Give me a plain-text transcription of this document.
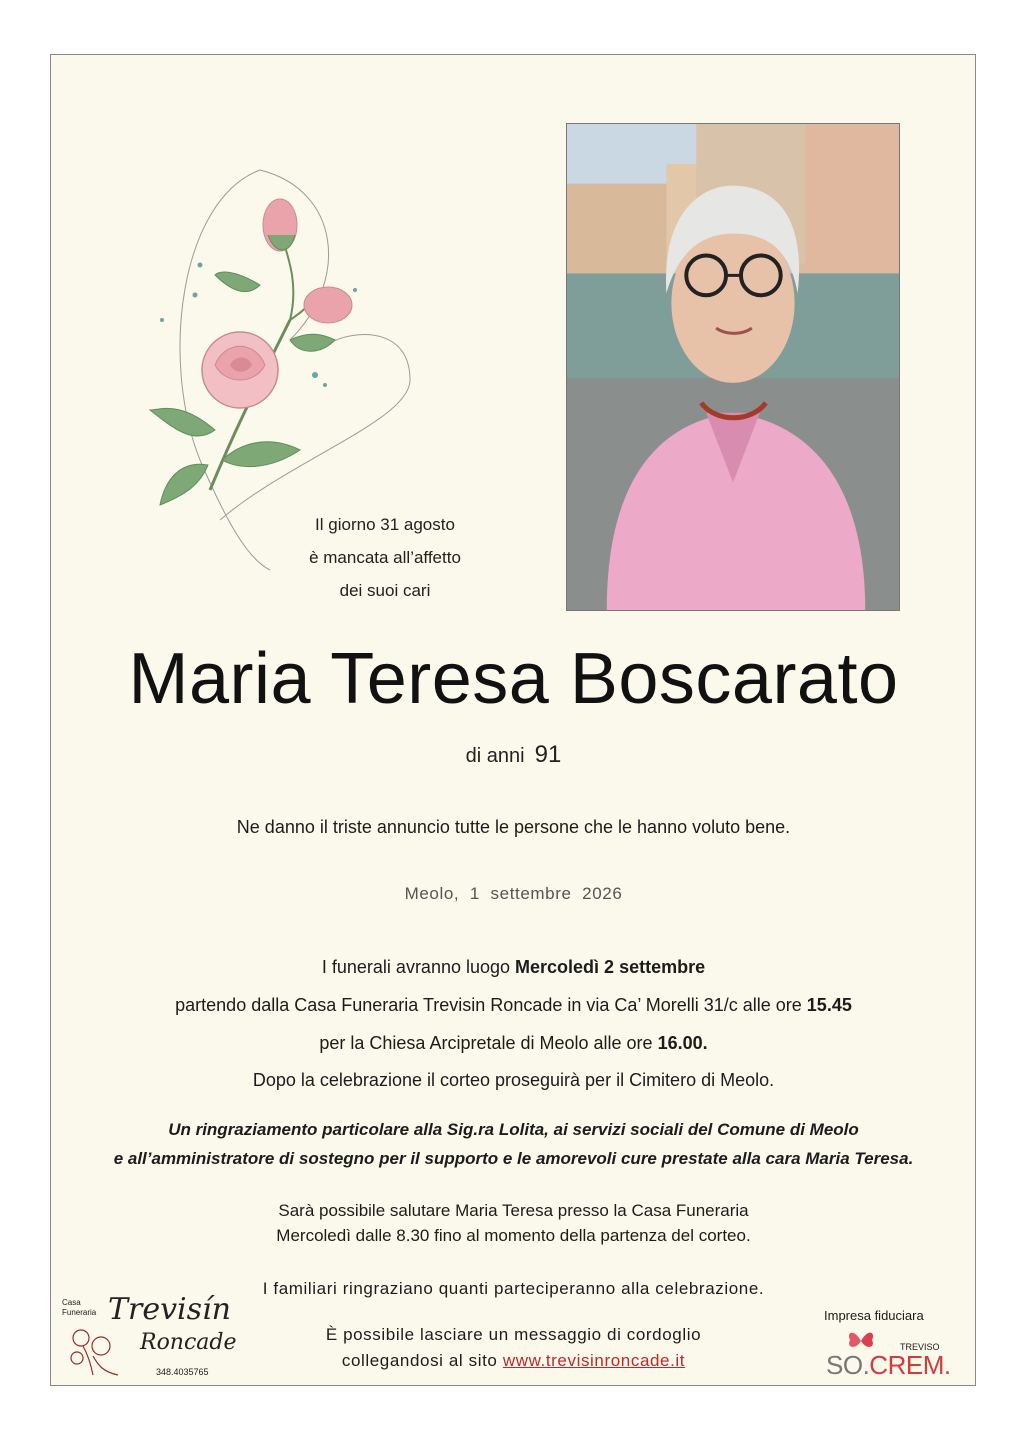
Il giorno 31 agosto
è mancata all’affetto
dei suoi cari
Maria Teresa Boscarato
di anni 91
Ne danno il triste annuncio tutte le persone che le hanno voluto bene.
Meolo,  1  settembre  2026
I funerali avranno luogo Mercoledì 2 settembre
partendo dalla Casa Funeraria Trevisin Roncade in via Ca’ Morelli 31/c alle ore 15.45
per la Chiesa Arcipretale di Meolo alle ore 16.00.
Dopo la celebrazione il corteo proseguirà per il Cimitero di Meolo.
Un ringraziamento particolare alla Sig.ra Lolita, ai servizi sociali del Comune di Meolo
e all’amministratore di sostegno per il supporto e le amorevoli cure prestate alla cara Maria Teresa.
Sarà possibile salutare Maria Teresa presso la Casa Funeraria
Mercoledì dalle 8.30 fino al momento della partenza del corteo.
I familiari ringraziano quanti parteciperanno alla celebrazione.
È possibile lasciare un messaggio di cordoglio
collegandosi al sito www.trevisinroncade.it
Casa
Funeraria Trevisín
Roncade
348.4035765
Impresa fiduciara
TREVISO
SO.CREM.
